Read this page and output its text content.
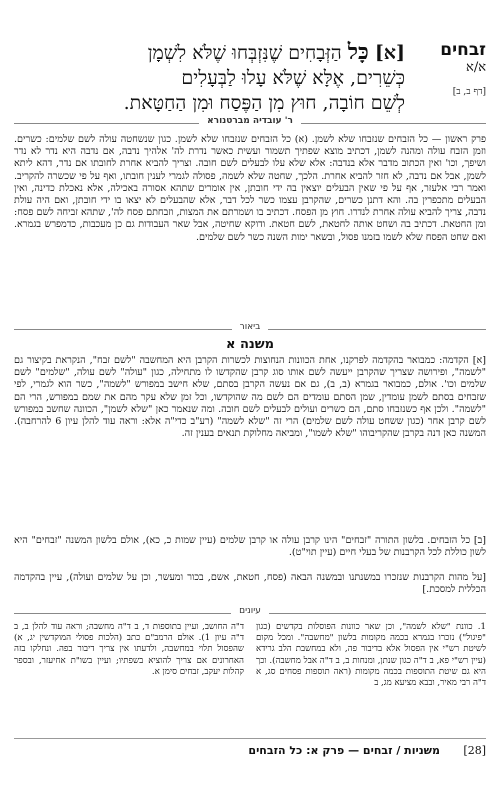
זבחים
א/א
[דף ב, ב]
[א] כָּל הַזְּבָחִים שֶׁנִּזְבְּחוּ שֶׁלֹּא לִשְׁמָן
כְּשֵׁרִים, אֶלָּא שֶׁלֹּא עָלוּ לַבְּעָלִים
לְשֵׁם חוֹבָה, חוּץ מִן הַפֶּסַח וּמִן הַחַטָּאת.
ר' עובדיה מברטנורא
פרק ראשון — כל הזבחים שנזבחו שלא לשמן. (א) כל הזבחים שנזבחו שלא לשמן. כגון שנשחטה עולה לשם שלמים: כשרים. וזמן הזבח עולה ומהנה לשמן, דכתיב מוצא שפתיך תשמור ועשית כאשר נדרת לה' אלהיך נדבה, אם נדבה היא נדר לא נדר ושיפך, וכו' ואין הכתוב מדבר אלא בנדבה: אלא שלא עלו לבעלים לשם חובה. וצריך להביא אחרת לחובתו אם נדר, דהא ליתא לשמן, אבל אם נדבה, לא חזר להביא אחרת. הלכך, שחטה שלא לשמה, פסולה לגמרי לענין חובתו, ואף על פי שכשרה להקריב. ואמר רבי אלעזר, אף על פי שאין הבעלים יוצאין בה ידי חובתן, אין אומרים שתהא אסורה באכילה, אלא נאכלת כדינה, ואין הבעלים מתכפרין בה. והא דתנן כשרים, שהקרבן עצמו כשר לכל דבר, אלא שהבעלים לא יצאו בו ידי חובתן, ואם היה עולת נדבה, צריך להביא עולה אחרת לנדרו. חוץ מן הפסח. דכתיב בו ושמרתם את המצות, וזבחתם פסח לה', שתהא זביחה לשם פסח: ומן החטאת. דכתיב בה ושחט אותה לחטאת, לשם חטאת. ודוקא שחיטה, אבל שאר העבודות גם כן מעכבות, כדמפרש בגמרא. ואם שחט הפסח שלא לשמו בזמנו פסול, ובשאר ימות השנה כשר לשם שלמים.
ביאור
משנה א
[א] הקדמה: כמבואר בהקדמה לפרקנו, אחת הכוונות הנחוצות לכשרות הקרבן היא המחשבה "לשם זבח", הנקראת בקיצור גם "לשמה", ופירושה שצריך שהקרבן ייעשה לשם אותו סוג קרבן שהקדשו לו מתחילה, כגון "עולה" לשם עולה, "שלמים" לשם שלמים וכו'. אולם, כמבואר בגמרא (ב, ב), גם אם נעשה הקרבן בסתם, שלא חישב במפורש "לשמה", כשר הוא לגמרי, לפי שזבחים בסתם לשמן עומדין, שמן הסתם עומדים הם לשם מה שהוקדשו, וכל זמן שלא עקר מהם את שמם במפורש, הרי הם "לשמה". ולכן אף כשנזבחו סתם, הם כשרים ועולים לבעלים לשם חובה. ומה שנאמר כאן "שלא לשמן", הכוונה שחשב במפורש לשם קרבן אחר (כגון ששחט עולה לשם שלמים) הרי זה "שלא לשמה" (רע"ב כדי"ה אלא: וראה עוד להלן עיון 6 להרחבה). המשנה כאן דנה בקרבן שהקריבוהו "שלא לשמו", ומביאה מחלוקת תנאים בענין זה.
[ב] כל הזבחים. בלשון התורה "זבחים" הינו קרבן עולה או קרבן שלמים (עיין שמות כ, כא), אולם בלשון המשנה "זבחים" היא לשון כוללת לכל הקרבנות של בעלי חיים (עיין תוי"ט).
[על מהות הקרבנות שנזכרו במשנתנו ובמשנה הבאה (פסח, חטאת, אשם, בכור ומעשר, וכן על שלמים ועולה), עיין בהקדמה הכללית למסכת.]
עיונים
1. כוונת "שלא לשמה", וכן שאר כוונות הפוסלות בקדשים (כגון "פיגול") נזכרו בגמרא בכמה מקומות בלשון "מחשבה". ומכל מקום לשיטת רש"י אין הפסול אלא בדיבור פה, ולא במחשבת הלב גרידא (עיין רש"י פא, ב ד"ה כגון שנתן, ומנחות ב, ב ד"ה אבל מחשבה). וכך היא גם שיטת התוספות בכמה מקומות (ראה תוספות פסחים סג, א ד"ה רבי מאיר, ובבא מציעא מג, ב
ד"ה החושב, ועיין בתוספות ד, ב ד"ה מחשבה; וראה עוד להלן ב, ב ד"ה עיון 1). אולם הרמב"ם כתב (הלכות פסולי המוקדשין יג, א) שהפסול תלוי במחשבה, ולדעתו אין צריך דיבור בפה. ונחלקו בזה האחרונים אם צריך להוציא בשפתיו; ועיין בשו"ת אחיעזר, ובספר קהלות יעקב, זבחים סימן א.
[28]
משניות / זבחים — פרק א: כל הזבחים
